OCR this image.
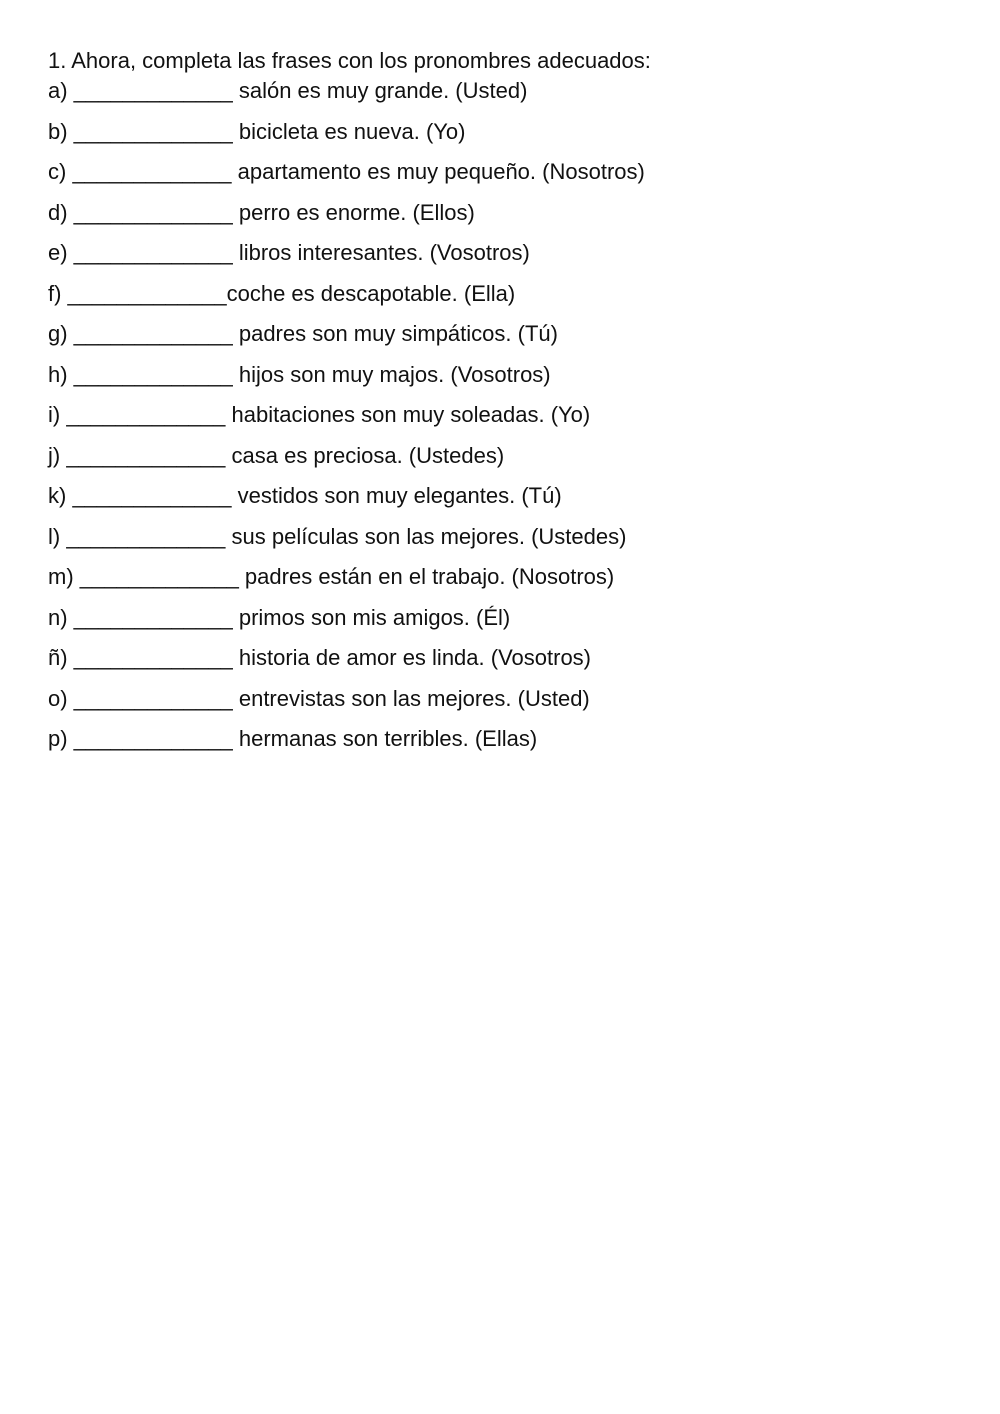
1. Ahora, completa las frases con los pronombres adecuados:
a) _____________ salón es muy grande. (Usted)
b) _____________ bicicleta es nueva. (Yo)
c) _____________ apartamento es muy pequeño. (Nosotros)
d) _____________ perro es enorme. (Ellos)
e) _____________ libros interesantes. (Vosotros)
f) _____________coche es descapotable. (Ella)
g) _____________ padres son muy simpáticos. (Tú)
h) _____________ hijos son muy majos. (Vosotros)
i) _____________ habitaciones son muy soleadas. (Yo)
j) _____________ casa es preciosa. (Ustedes)
k) _____________ vestidos son muy elegantes. (Tú)
l) _____________ sus películas son las mejores. (Ustedes)
m) _____________ padres están en el trabajo. (Nosotros)
n) _____________ primos son mis amigos. (Él)
ñ) _____________ historia de amor es linda. (Vosotros)
o) _____________ entrevistas son las mejores. (Usted)
p) _____________ hermanas son terribles. (Ellas)
